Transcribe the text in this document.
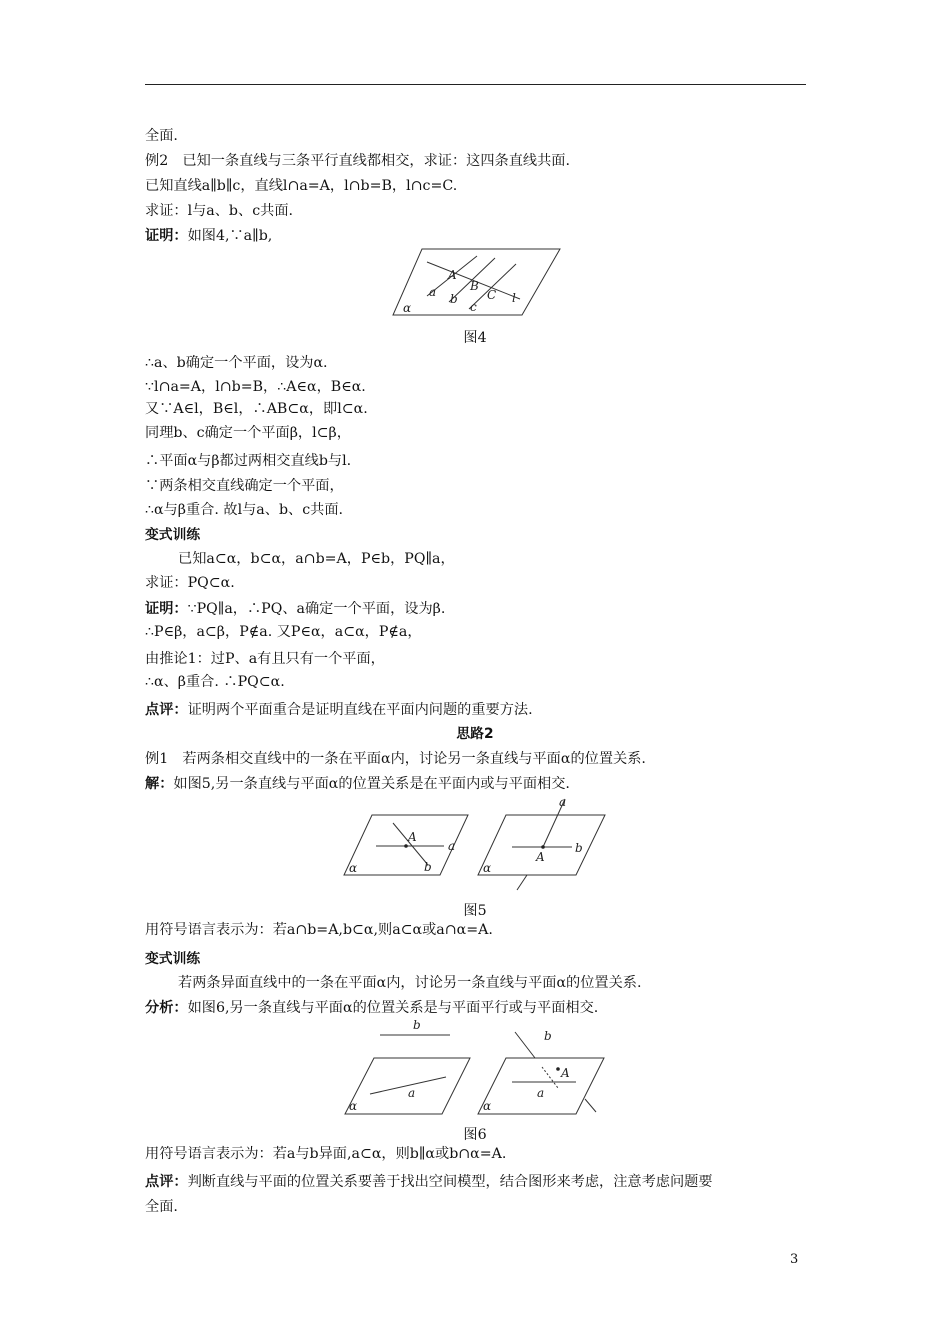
全面.
例2　已知一条直线与三条平行直线都相交，求证：这四条直线共面.
已知直线a∥b∥c，直线l∩a=A，l∩b=B，l∩c=C.
求证：l与a、b、c共面.
证明：如图4,∵a∥b,
A
B
C
a b
c
l
α
图4
∴a、b确定一个平面，设为α.
∵l∩a=A，l∩b=B，∴A∈α，B∈α.
又∵A∈l，B∈l，∴AB⊂α，即l⊂α.
同理b、c确定一个平面β，l⊂β，
∴平面α与β都过两相交直线b与l.
∵两条相交直线确定一个平面，
∴α与β重合. 故l与a、b、c共面.
变式训练
已知a⊂α，b⊂α，a∩b=A，P∈b，PQ∥a，
求证：PQ⊂α.
证明：∵PQ∥a，∴PQ、a确定一个平面，设为β.
∴P∈β，a⊂β，P∉a. 又P∈α，a⊂α，P∉a，
由推论1：过P、a有且只有一个平面，
∴α、β重合. ∴PQ⊂α.
点评：证明两个平面重合是证明直线在平面内问题的重要方法.
思路2
例1　若两条相交直线中的一条在平面α内，讨论另一条直线与平面α的位置关系.
解：如图5,另一条直线与平面α的位置关系是在平面内或与平面相交.
A
a
b
α
a
A
b
α
图5
用符号语言表示为：若a∩b=A,b⊂α,则a⊂α或a∩α=A.
变式训练
若两条异面直线中的一条在平面α内，讨论另一条直线与平面α的位置关系.
分析：如图6,另一条直线与平面α的位置关系是与平面平行或与平面相交.
b
a
α
b
A
a
α
图6
用符号语言表示为：若a与b异面,a⊂α，则b∥α或b∩α=A.
点评：判断直线与平面的位置关系要善于找出空间模型，结合图形来考虑，注意考虑问题要
全面.
3
